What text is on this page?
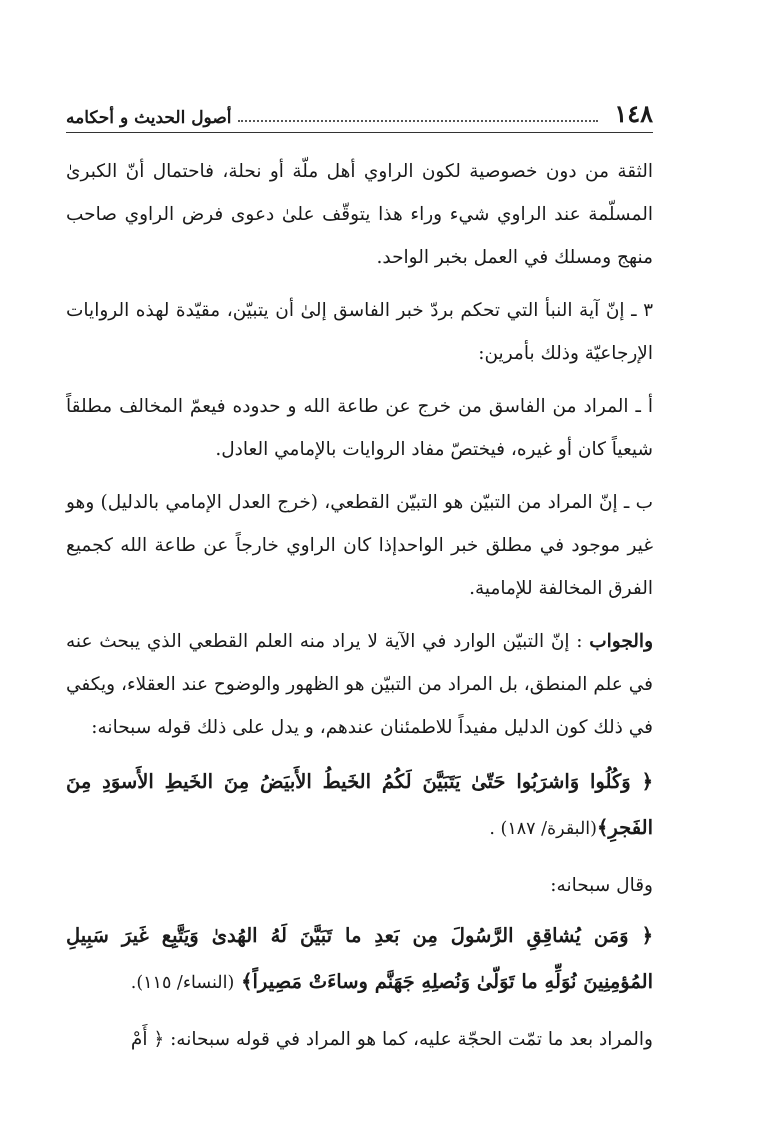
١٤٨
أصول الحديث و أحكامه

الثقة من دون خصوصية لكون الراوي أهل ملّة أو نحلة، فاحتمال أنّ الكبرىٰ المسلّمة عند الراوي شيء وراء هذا يتوقّف علىٰ دعوى فرض الراوي صاحب منهج ومسلك في العمل بخبر الواحد.

٣ ـ إنّ آية النبأ التي تحكم بردّ خبر الفاسق إلىٰ أن يتبيّن، مقيّدة لهذه الروايات الإرجاعيّة وذلك بأمرين:

أ ـ المراد من الفاسق من خرج عن طاعة الله و حدوده فيعمّ المخالف مطلقاً شيعياً كان أو غيره، فيختصّ مفاد الروايات بالإمامي العادل.

ب ـ إنّ المراد من التبيّن هو التبيّن القطعي، (خرج العدل الإمامي بالدليل) وهو غير موجود في مطلق خبر الواحدإذا كان الراوي خارجاً عن طاعة الله كجميع الفرق المخالفة للإمامية.

والجواب : إنّ التبيّن الوارد في الآية لا يراد منه العلم القطعي الذي يبحث عنه في علم المنطق، بل المراد من التبيّن هو الظهور والوضوح عند العقلاء، ويكفي في ذلك كون الدليل مفيداً للاطمئنان عندهم، و يدل على ذلك قوله سبحانه:

﴿ وَكُلُوا وَاشرَبُوا حَتّىٰ يَتَبَيَّنَ لَكُمُ الخَيطُ الأَبيَضُ مِنَ الخَيطِ الأَسوَدِ مِنَ الفَجرِ﴾(البقرة/ ١٨٧) .

وقال سبحانه:

﴿ وَمَن يُشاقِقِ الرَّسُولَ مِن بَعدِ ما تَبَيَّنَ لَهُ الهُدىٰ وَيَتَّبِع غَيرَ سَبِيلِ المُؤمِنِينَ نُوَلِّهِ ما تَوَلّىٰ وَنُصلِهِ جَهَنَّم وساءَتْ مَصِيراً﴾ (النساء/ ١١٥).

والمراد بعد ما تمّت الحجّة عليه، كما هو المراد في قوله سبحانه: ﴿ أَمْ
